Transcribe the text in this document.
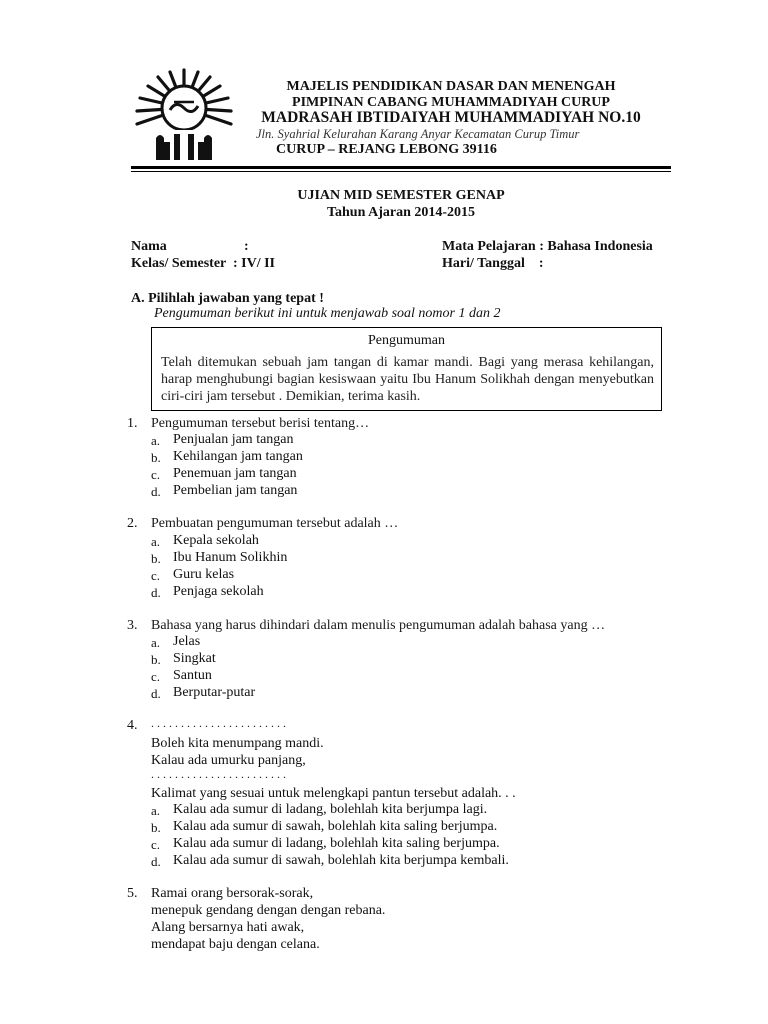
MAJELIS PENDIDIKAN DASAR DAN MENENGAH
PIMPINAN CABANG MUHAMMADIYAH CURUP
MADRASAH IBTIDAIYAH MUHAMMADIYAH NO.10
Jln. Syahrial Kelurahan Karang Anyar Kecamatan Curup Timur
CURUP – REJANG LEBONG 39116
UJIAN MID SEMESTER GENAP
Tahun Ajaran 2014-2015
Nama	:
Kelas/ Semester  : IV/ II
Mata Pelajaran : Bahasa Indonesia
Hari/ Tanggal    :
A. Pilihlah jawaban yang tepat !
Pengumuman berikut ini untuk menjawab soal nomor 1 dan 2
Pengumuman
Telah ditemukan sebuah jam tangan di kamar mandi. Bagi yang merasa kehilangan, harap menghubungi bagian kesiswaan yaitu Ibu Hanum Solikhah dengan menyebutkan ciri-ciri jam tersebut . Demikian, terima kasih.
1. Pengumuman tersebut berisi tentang…
a. Penjualan jam tangan
b. Kehilangan jam tangan
c. Penemuan jam tangan
d. Pembelian jam tangan
2. Pembuatan pengumuman tersebut adalah …
a. Kepala sekolah
b. Ibu Hanum Solikhin
c. Guru kelas
d. Penjaga sekolah
3. Bahasa yang harus dihindari dalam menulis pengumuman adalah bahasa yang …
a. Jelas
b. Singkat
c. Santun
d. Berputar-putar
4. . . . . . . . . . . . . . . . . . . . . . . .
Boleh kita menumpang mandi.
Kalau ada umurku panjang,
. . . . . . . . . . . . . . . . . . . . . . .
Kalimat yang sesuai untuk melengkapi pantun tersebut adalah. . .
a. Kalau ada sumur di ladang, bolehlah kita berjumpa lagi.
b. Kalau ada sumur di sawah, bolehlah kita saling berjumpa.
c. Kalau ada sumur di ladang, bolehlah kita saling berjumpa.
d. Kalau ada sumur di sawah, bolehlah kita berjumpa kembali.
5. Ramai orang bersorak-sorak,
menepuk gendang dengan dengan rebana.
Alang bersarnya hati awak,
mendapat baju dengan celana.
